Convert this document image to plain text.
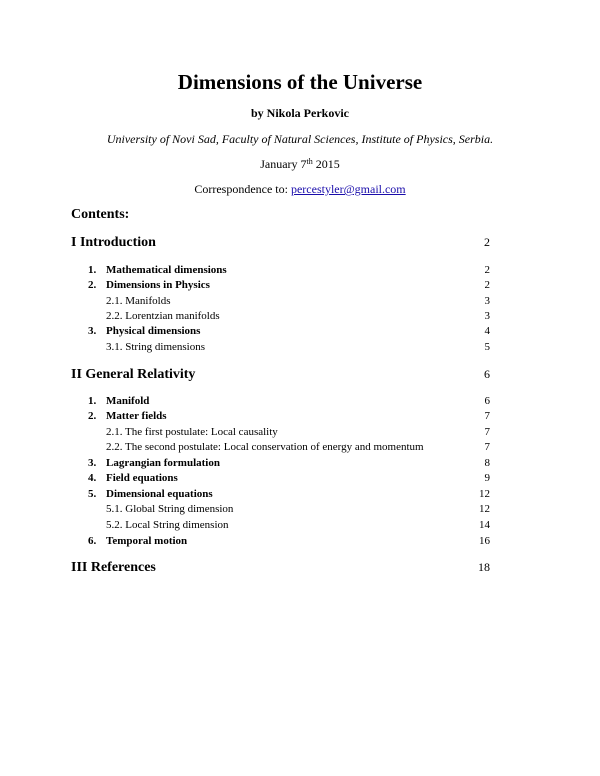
Dimensions of the Universe
by Nikola Perkovic
University of Novi Sad, Faculty of Natural Sciences, Institute of Physics, Serbia.
January 7th 2015
Correspondence to: percestyler@gmail.com
Contents:
I Introduction	2
1. Mathematical dimensions	2
2. Dimensions in Physics	2
2.1. Manifolds	3
2.2. Lorentzian manifolds	3
3. Physical dimensions	4
3.1. String dimensions	5
II General Relativity	6
1. Manifold	6
2. Matter fields	7
2.1. The first postulate: Local causality	7
2.2. The second postulate: Local conservation of energy and momentum	7
3. Lagrangian formulation	8
4. Field equations	9
5. Dimensional equations	12
5.1. Global String dimension	12
5.2. Local String dimension	14
6. Temporal motion	16
III References	18
